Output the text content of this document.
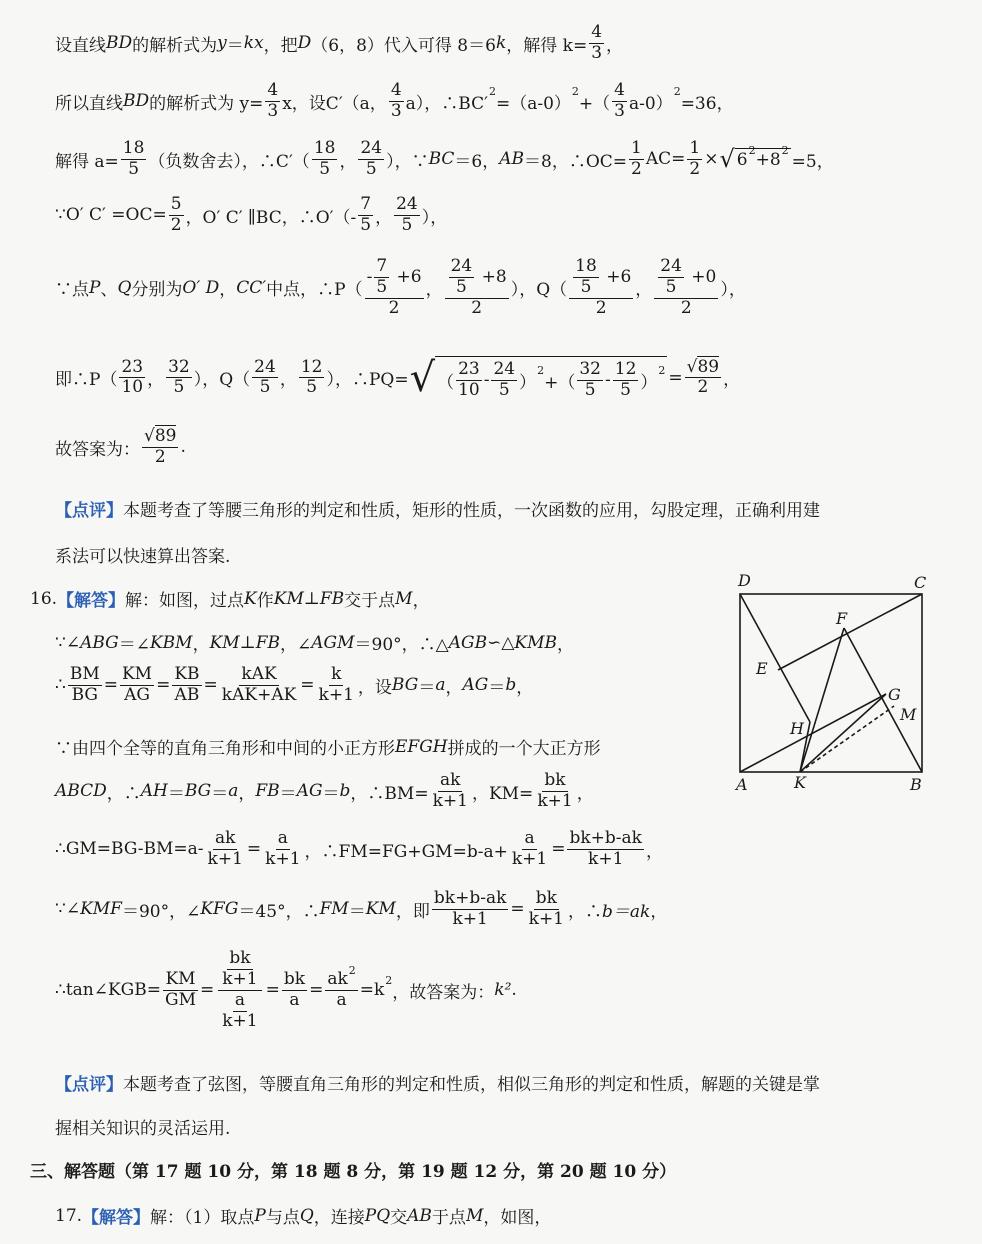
设直线 BD 的解析式为 y ＝ kx ，把 D （6，8）代入可得 8＝6 k ，解得 $k= \frac{4}{3}$ ，
所以直线 BD 的解析式为 $y= \frac{4}{3}$ x，设C′（a， $\frac{4}{3} a$），∴BC′
2
=（a-0）
2
+（ $\frac{4}{3} a-0$）
2
=36，
解得 $a= \frac{18}{5}$ （负数舍去），∴C′（ $\frac{18}{5}$ ， $\frac{24}{5}$ ），∵ BC ＝6， AB ＝8，∴OC= $\frac{1}{2} AC= \frac{1}{2}$ × √ 6 2 +8 2
=5，
∵O′ $C' =OC= \frac{5}{2}$ ，O′ C′ ∥BC，∴O′（- $\frac{7}{5}$ ， $\frac{24}{5}$ ），
∵点 P 、 Q 分别为 O′ D ， CC′ 中点，∴P（ $\frac{- \frac{7}{5} +6}{2}$ ， $\frac{\frac{24}{5} +8}{2}$ ），$Q( \frac{\frac{18}{5} +6}{2}$ ， $\frac{\frac{24}{5} +0}{2}$ ），
即∴P（ $\frac{23}{10}$ ， $\frac{32}{5}$ ），$Q( \frac{24}{5}$ ， $\frac{12}{5}$ ），∴PQ= √ （ $\frac{23}{10} - \frac{24}{5}$ ）
2
+（ $\frac{32}{5} - \frac{12}{5}$ ）
$2 = \frac{√89}{2}$ ，
故答案为： $\frac{√89}{2}$ .
【点评】 本题考查了等腰三角形的判定和性质，矩形的性质，一次函数的应用，勾股定理，正确利用建
系法可以快速算出答案.
16. 【解答】 解：如图，过点 K 作 KM⊥FB 交于点 M ，
∵∠ ABG ＝∠ KBM ， KM⊥FB ，∠ AGM ＝90°，∴△ AGB ∽△ KMB ，
∴ $\frac{BM}{BG} = \frac{KM}{AG} = \frac{KB}{AB} = \frac{\text{kAK}}{\text{kAK+AK}} = \frac{k}{k+1}$ ，设 BG ＝ a ， AG ＝ b ，
∵由四个全等的直角三角形和中间的小正方形 EFGH 拼成的一个大正方形
ABCD ，∴ AH ＝ BG ＝ a ， FB ＝ AG ＝ b ，∴BM= $\frac{ak}{k+1}$ ，$KM= \frac{bk}{k+1}$ ，
∴GM=BG-BM=a- $\frac{ak}{k+1} = \frac{a}{k+1}$ ，∴FM=FG+GM=b-a+ $\frac{a}{k+1} = \frac{bk+b-ak}{k+1}$ ，
∵∠ KMF ＝90°，∠ KFG ＝45°，∴ FM ＝ KM ，即 $\frac{bk+b-ak}{k+1} = \frac{bk}{k+1}$ ，∴ b＝ak ，
∴tan∠KGB= $\frac{KM}{GM} = \frac{\frac{bk}{k+1}}{\frac{a}{k+1}} = \frac{bk}{a} = \frac{ak^2}{a} =k$ 2
，故答案为： k² .
【点评】 本题考查了弦图，等腰直角三角形的判定和性质，相似三角形的判定和性质，解题的关键是掌
握相关知识的灵活运用.
三、解答题（第 17 题 10 分，第 18 题 8 分，第 19 题 12 分，第 20 题 10 分）
17. 【解答】 解：（1）取点 P 与点 Q ，连接 PQ 交 AB 于点 M ，如图，
D	C
F
E
G
M
H
A	K	B
